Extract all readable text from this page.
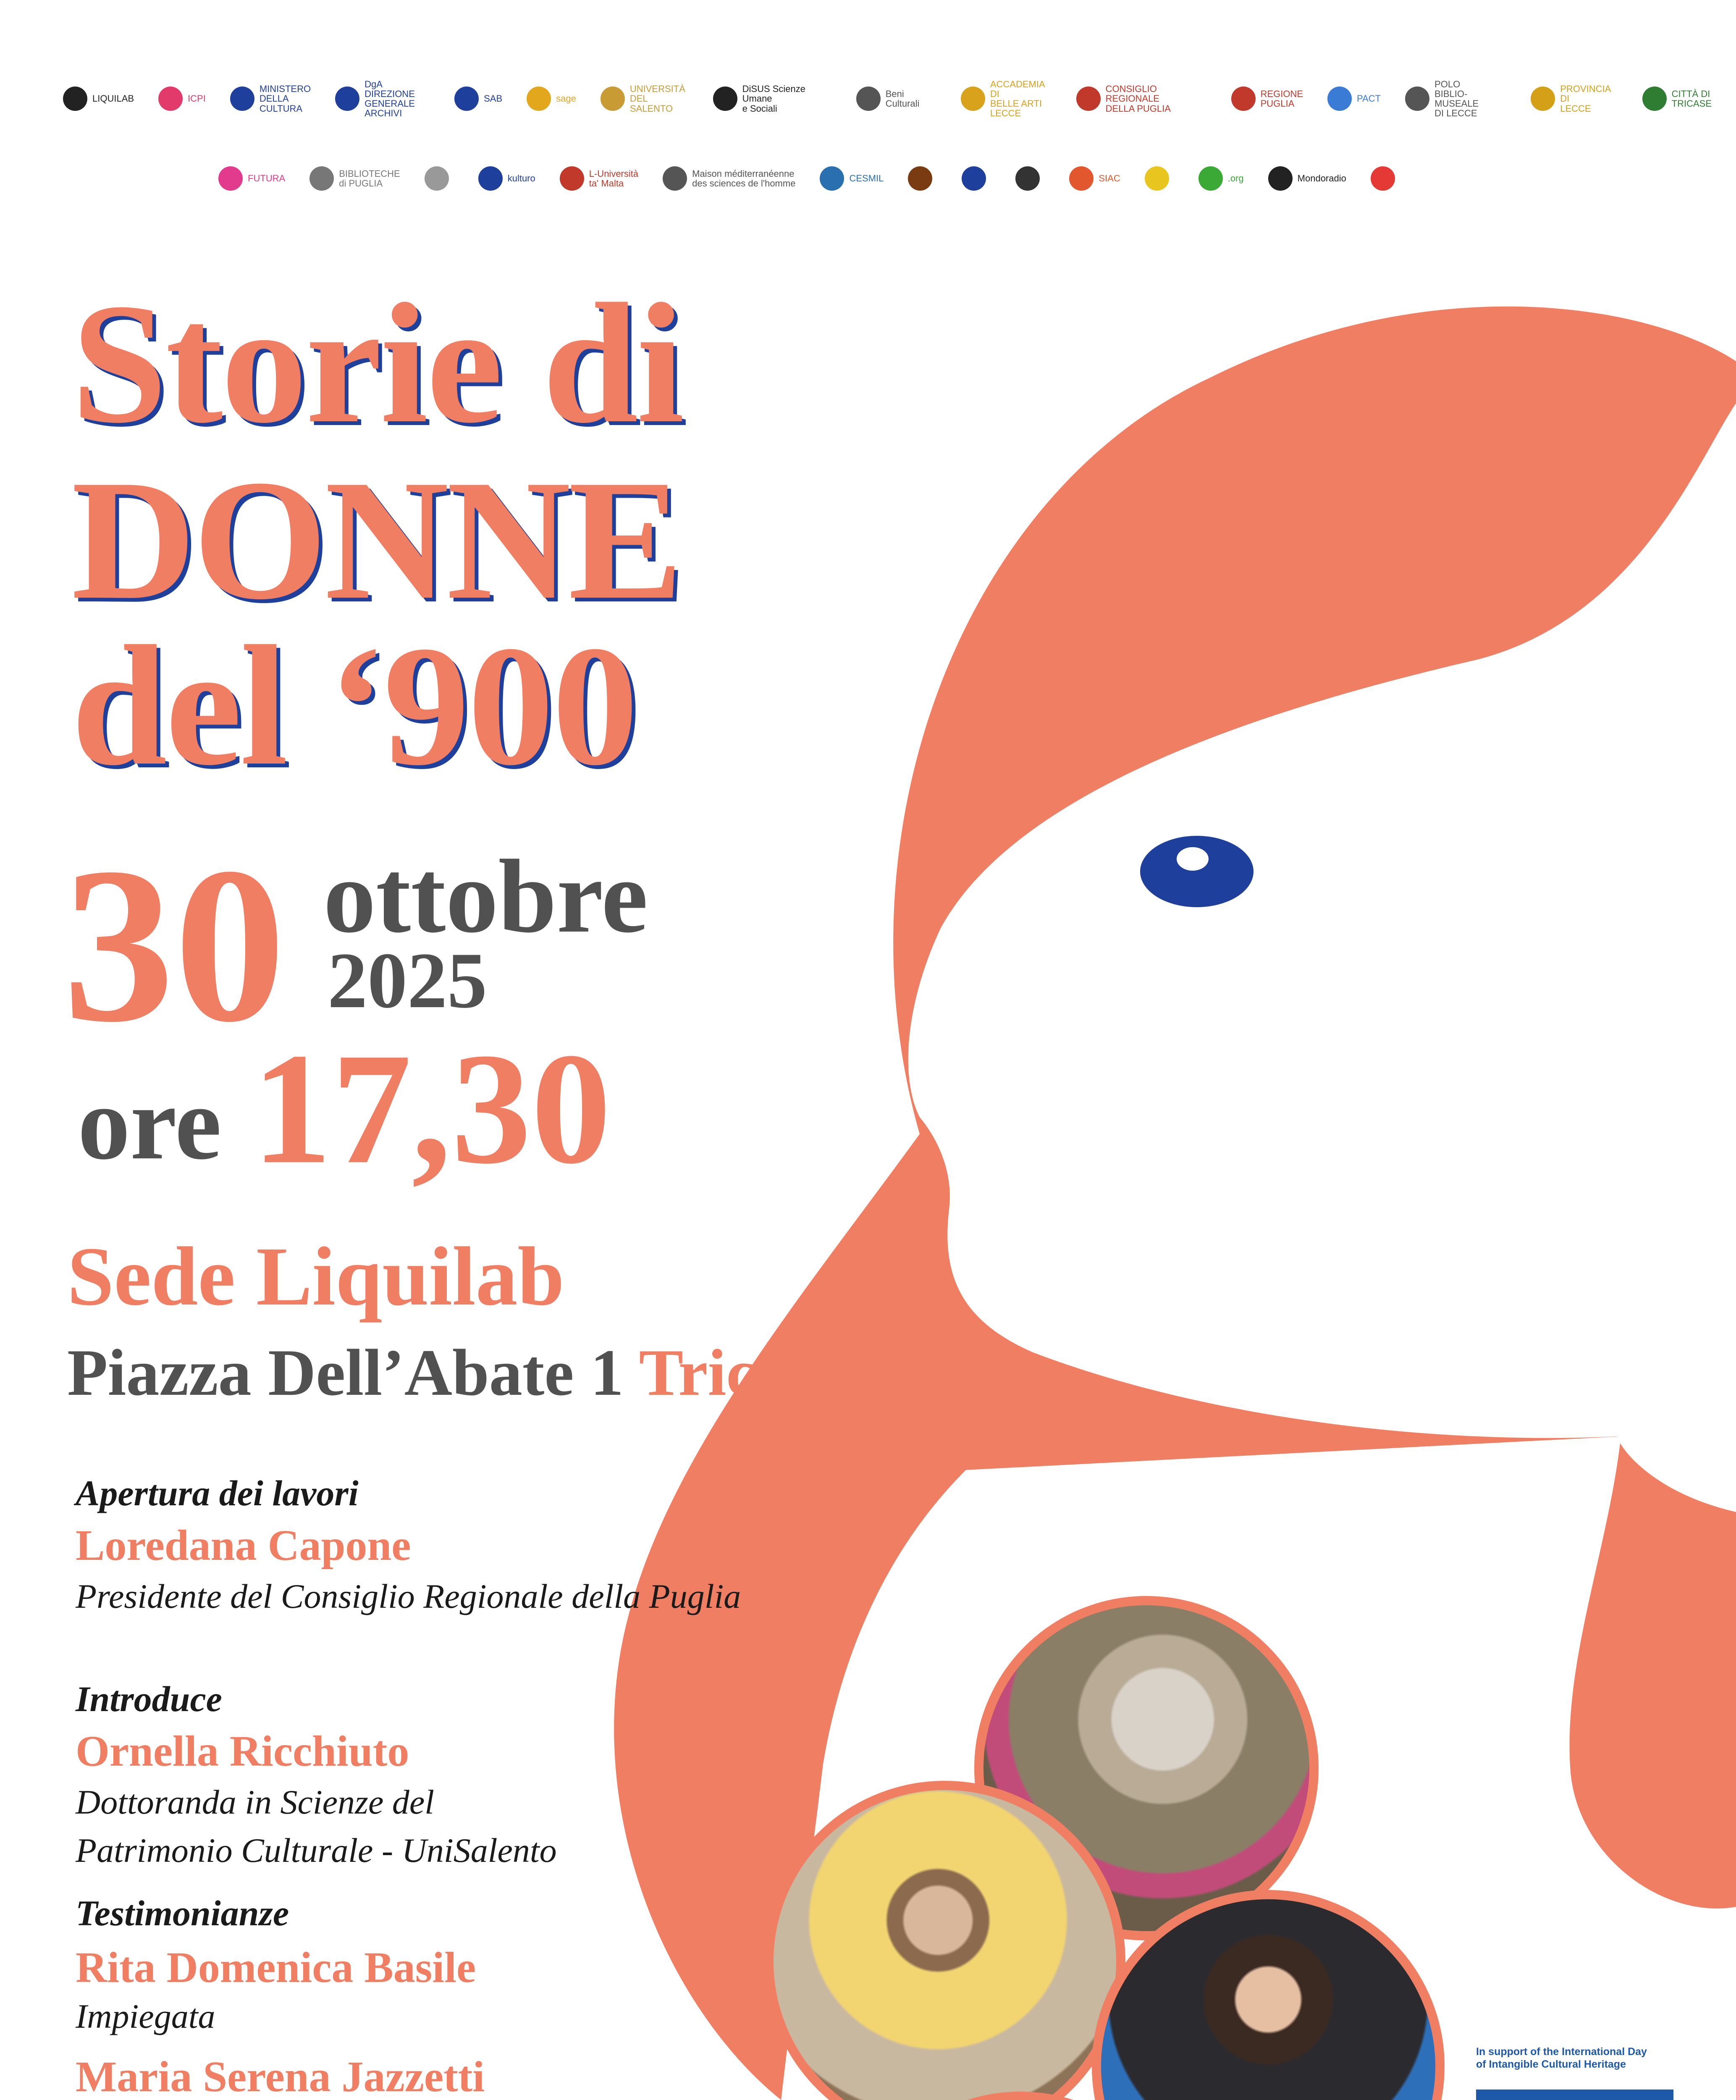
LIQUILAB	ICPI
MINISTERO
DELLA
CULTURA
DgA DIREZIONE
GENERALE
ARCHIVI
SAB	sage
UNIVERSITÀ
DEL SALENTO
DiSUS Scienze Umane
e Sociali
Beni Culturali
ACCADEMIA DI
BELLE ARTI
LECCE
CONSIGLIO REGIONALE
DELLA PUGLIA
REGIONE
PUGLIA	PACT
POLO
BIBLIO-MUSEALE
DI LECCE
PROVINCIA DI
LECCE
CITTÀ DI
TRICASE
FUTURA	BIBLIOTECHE
di PUGLIA	kulturo	L-Università
ta' Malta
Maison méditerranéenne
des sciences de l'homme	CESMIL	SIAC	.org	Mondoradio
Storie di
DONNE
del ‘900
30 ottobre
2025
ore 17,30
Sede Liquilab
Piazza Dell’Abate 1 Tricase
Apertura dei lavori
Loredana Capone
Presidente del Consiglio Regionale della Puglia
Introduce
Ornella Ricchiuto
Dottoranda in Scienze del
Patrimonio Culturale - UniSalento
Testimonianze
Rita Domenica Basile
Impiegata
Maria Serena Jazzetti
In support of the International Day
of Intangible Cultural Heritage
